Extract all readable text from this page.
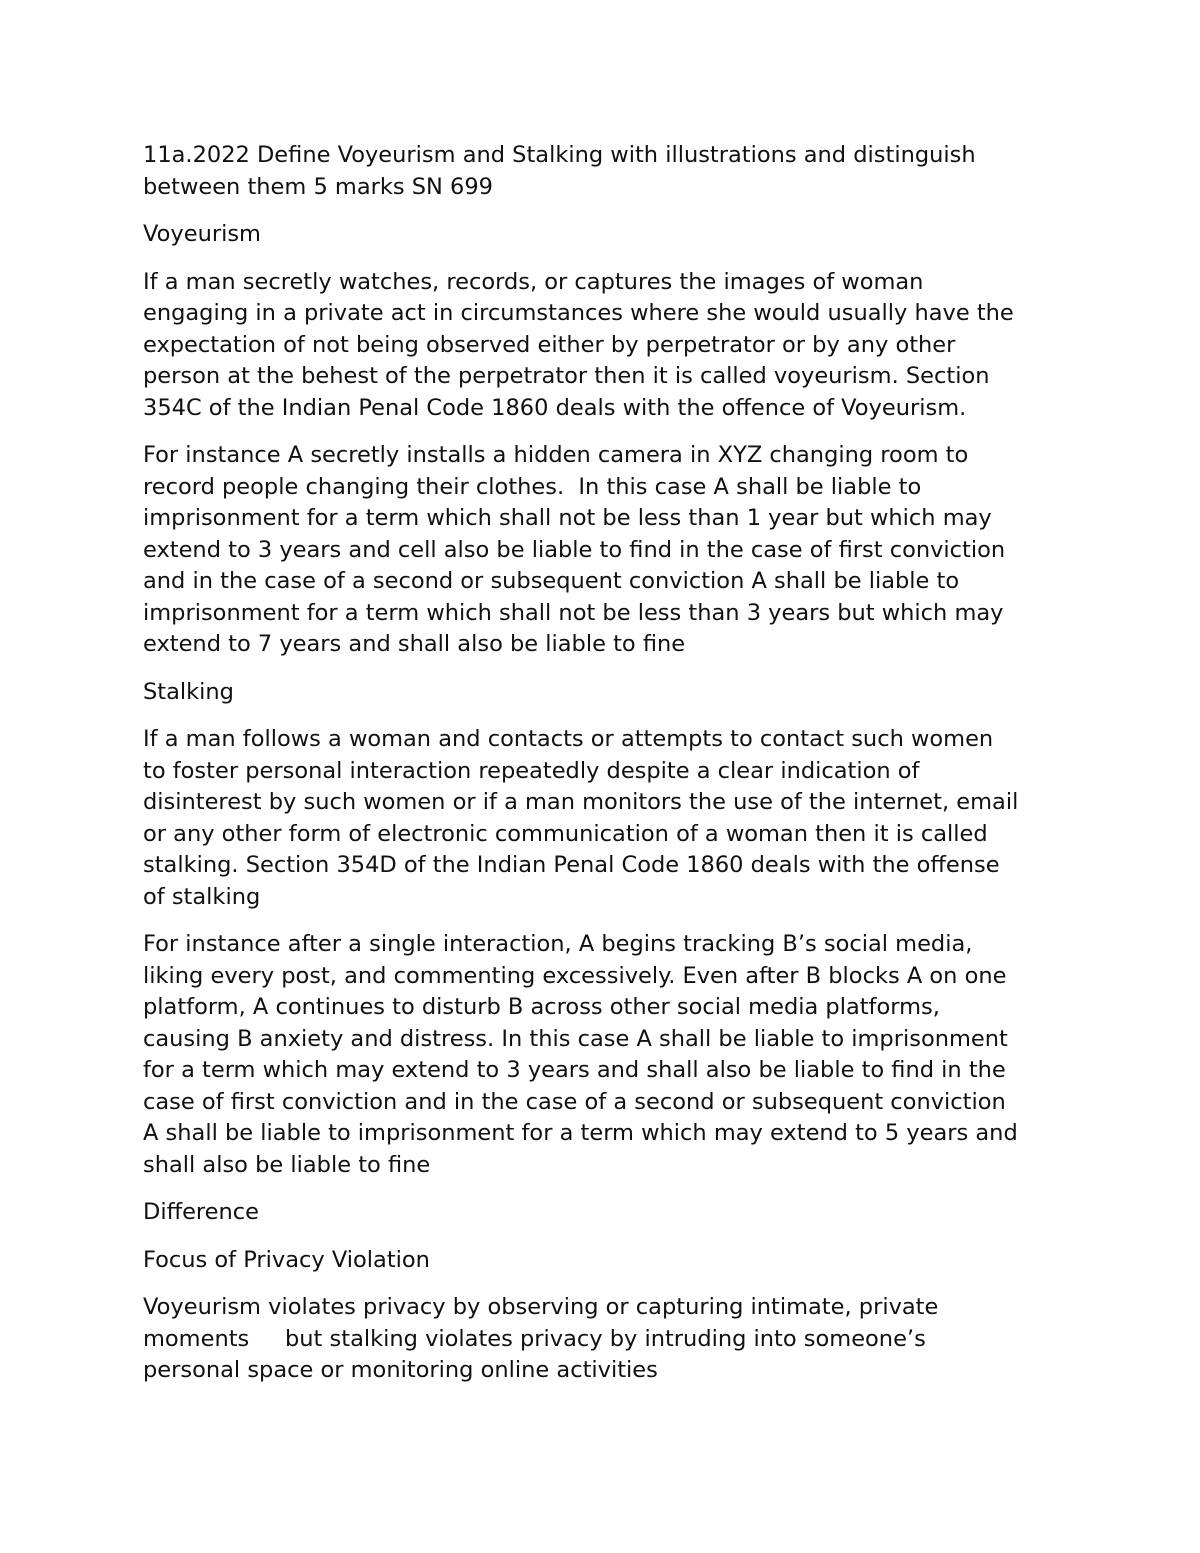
11a.2022 Define Voyeurism and Stalking with illustrations and distinguish
between them 5 marks SN 699

Voyeurism

If a man secretly watches, records, or captures the images of woman
engaging in a private act in circumstances where she would usually have the
expectation of not being observed either by perpetrator or by any other
person at the behest of the perpetrator then it is called voyeurism. Section
354C of the Indian Penal Code 1860 deals with the offence of Voyeurism.

For instance A secretly installs a hidden camera in XYZ changing room to
record people changing their clothes.  In this case A shall be liable to
imprisonment for a term which shall not be less than 1 year but which may
extend to 3 years and cell also be liable to find in the case of first conviction
and in the case of a second or subsequent conviction A shall be liable to
imprisonment for a term which shall not be less than 3 years but which may
extend to 7 years and shall also be liable to fine

Stalking

If a man follows a woman and contacts or attempts to contact such women
to foster personal interaction repeatedly despite a clear indication of
disinterest by such women or if a man monitors the use of the internet, email
or any other form of electronic communication of a woman then it is called
stalking. Section 354D of the Indian Penal Code 1860 deals with the offense
of stalking

For instance after a single interaction, A begins tracking B’s social media,
liking every post, and commenting excessively. Even after B blocks A on one
platform, A continues to disturb B across other social media platforms,
causing B anxiety and distress. In this case A shall be liable to imprisonment
for a term which may extend to 3 years and shall also be liable to find in the
case of first conviction and in the case of a second or subsequent conviction
A shall be liable to imprisonment for a term which may extend to 5 years and
shall also be liable to fine

Difference

Focus of Privacy Violation

Voyeurism violates privacy by observing or capturing intimate, private
moments     but stalking violates privacy by intruding into someone’s
personal space or monitoring online activities
